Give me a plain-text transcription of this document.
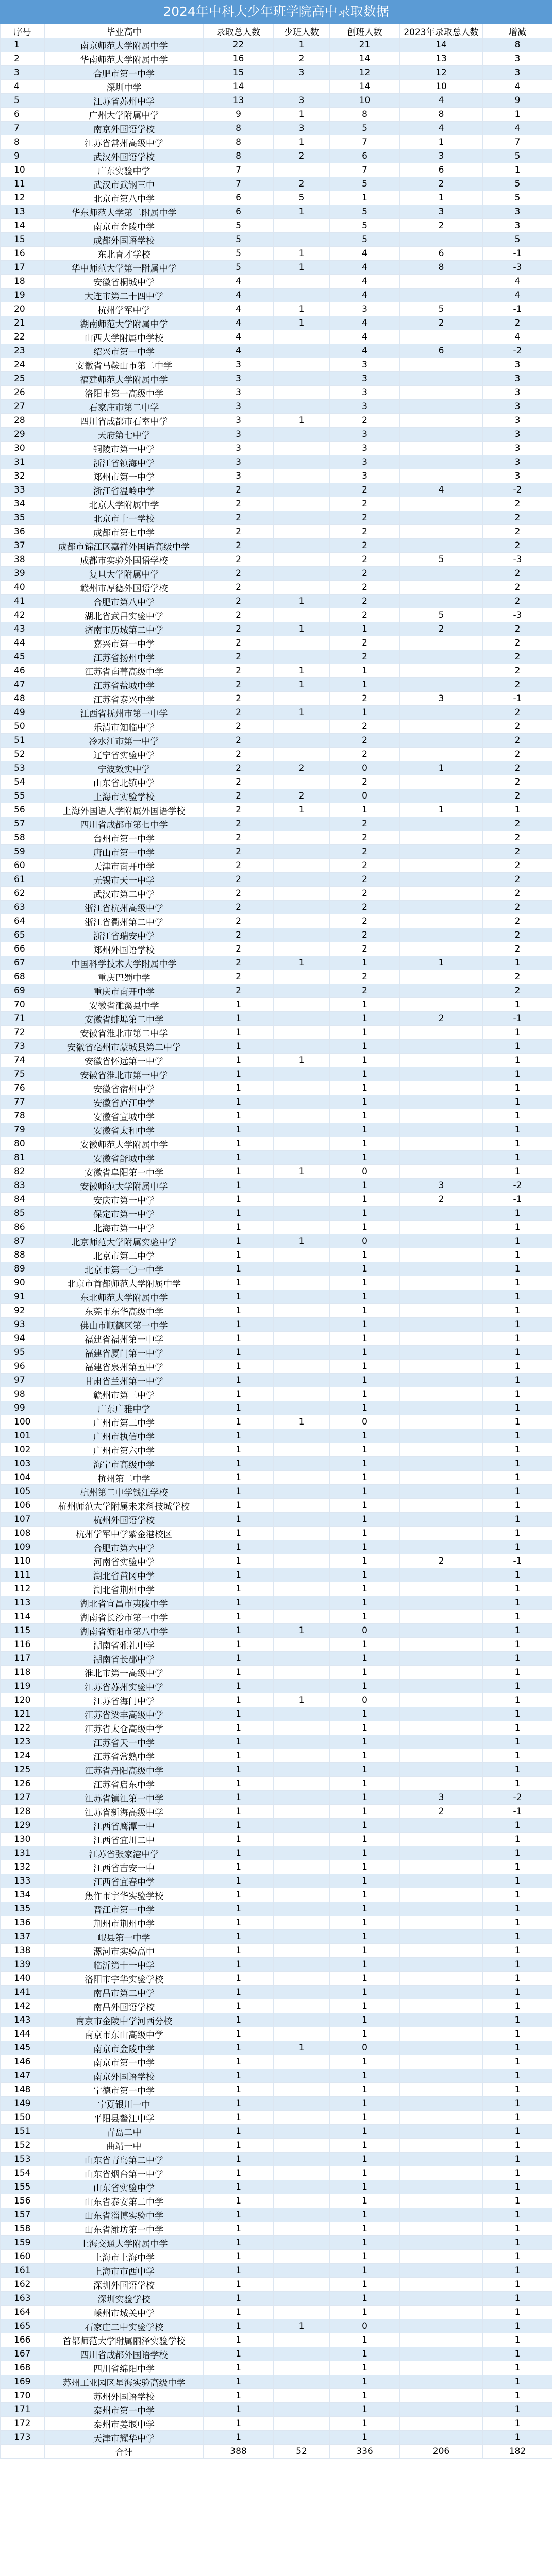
2024年中科大少年班学院高中录取数据
序号	毕业高中	录取总人数	少班人数	创班人数	2023年录取总人数	增减
1	南京师范大学附属中学	22	1	21	14	8
2	华南师范大学附属中学	16	2	14	13	3
3	合肥市第一中学	15	3	12	12	3
4	深圳中学	14		14	10	4
5	江苏省苏州中学	13	3	10	4	9
6	广州大学附属中学	9	1	8	8	1
7	南京外国语学校	8	3	5	4	4
8	江苏省常州高级中学	8	1	7	1	7
9	武汉外国语学校	8	2	6	3	5
10	广东实验中学	7		7	6	1
11	武汉市武钢三中	7	2	5	2	5
12	北京市第八中学	6	5	1	1	5
13	华东师范大学第二附属中学	6	1	5	3	3
14	南京市金陵中学	5		5	2	3
15	成都外国语学校	5		5		5
16	东北育才学校	5	1	4	6	-1
17	华中师范大学第一附属中学	5	1	4	8	-3
18	安徽省桐城中学	4		4		4
19	大连市第二十四中学	4		4		4
20	杭州学军中学	4	1	3	5	-1
21	湖南师范大学附属中学	4	1	4	2	2
22	山西大学附属中学校	4		4		4
23	绍兴市第一中学	4		4	6	-2
24	安徽省马鞍山市第二中学	3		3		3
25	福建师范大学附属中学	3		3		3
26	洛阳市第一高级中学	3		3		3
27	石家庄市第二中学	3		3		3
28	四川省成都市石室中学	3	1	2		3
29	天府第七中学	3		3		3
30	铜陵市第一中学	3		3		3
31	浙江省镇海中学	3		3		3
32	郑州市第一中学	3		3		3
33	浙江省温岭中学	2		2	4	-2
34	北京大学附属中学	2		2		2
35	北京市十一学校	2		2		2
36	成都市第七中学	2		2		2
37	成都市锦江区嘉祥外国语高级中学	2		2		2
38	成都市实验外国语学校	2		2	5	-3
39	复旦大学附属中学	2		2		2
40	赣州市厚德外国语学校	2		2		2
41	合肥市第八中学	2	1	2		2
42	湖北省武昌实验中学	2		2	5	-3
43	济南市历城第二中学	2	1	1	2	2
44	嘉兴市第一中学	2		2		2
45	江苏省扬州中学	2		2		2
46	江苏省南菁高级中学	2	1	1		2
47	江苏省盐城中学	2	1	1		2
48	江苏省泰兴中学	2		2	3	-1
49	江西省抚州市第一中学	2	1	1		2
50	乐清市知临中学	2		2		2
51	冷水江市第一中学	2		2		2
52	辽宁省实验中学	2		2		2
53	宁波效实中学	2	2	0	1	2
54	山东省北镇中学	2		2		2
55	上海市实验学校	2	2	0		2
56	上海外国语大学附属外国语学校	2	1	1	1	1
57	四川省成都市第七中学	2		2		2
58	台州市第一中学	2		2		2
59	唐山市第一中学	2		2		2
60	天津市南开中学	2		2		2
61	无锡市天一中学	2		2		2
62	武汉市第二中学	2		2		2
63	浙江省杭州高级中学	2		2		2
64	浙江省衢州第二中学	2		2		2
65	浙江省瑞安中学	2		2		2
66	郑州外国语学校	2		2		2
67	中国科学技术大学附属中学	2	1	1	1	1
68	重庆巴蜀中学	2		2		2
69	重庆市南开中学	2		2		2
70	安徽省濉溪县中学	1		1		1
71	安徽省蚌埠第二中学	1		1	2	-1
72	安徽省淮北市第二中学	1		1		1
73	安徽省亳州市蒙城县第二中学	1		1		1
74	安徽省怀远第一中学	1	1	1		1
75	安徽省淮北市第一中学	1		1		1
76	安徽省宿州中学	1		1		1
77	安徽省庐江中学	1		1		1
78	安徽省宣城中学	1		1		1
79	安徽省太和中学	1		1		1
80	安徽师范大学附属中学	1		1		1
81	安徽省舒城中学	1		1		1
82	安徽省阜阳第一中学	1	1	0		1
83	安徽师范大学附属中学	1		1	3	-2
84	安庆市第一中学	1		1	2	-1
85	保定市第一中学	1		1		1
86	北海市第一中学	1		1		1
87	北京师范大学附属实验中学	1	1	0		1
88	北京市第二中学	1		1		1
89	北京市第一〇一中学	1		1		1
90	北京市首都师范大学附属中学	1		1		1
91	东北师范大学附属中学	1		1		1
92	东莞市东华高级中学	1		1		1
93	佛山市顺德区第一中学	1		1		1
94	福建省福州第一中学	1		1		1
95	福建省厦门第一中学	1		1		1
96	福建省泉州第五中学	1		1		1
97	甘肃省兰州第一中学	1		1		1
98	赣州市第三中学	1		1		1
99	广东广雅中学	1		1		1
100	广州市第二中学	1	1	0		1
101	广州市执信中学	1		1		1
102	广州市第六中学	1		1		1
103	海宁市高级中学	1		1		1
104	杭州第二中学	1		1		1
105	杭州第二中学钱江学校	1		1		1
106	杭州师范大学附属未来科技城学校	1		1		1
107	杭州外国语学校	1		1		1
108	杭州学军中学紫金港校区	1		1		1
109	合肥市第六中学	1		1		1
110	河南省实验中学	1		1	2	-1
111	湖北省黄冈中学	1		1		1
112	湖北省荆州中学	1		1		1
113	湖北省宜昌市夷陵中学	1		1		1
114	湖南省长沙市第一中学	1		1		1
115	湖南省衡阳市第八中学	1	1	0		1
116	湖南省雅礼中学	1		1		1
117	湖南省长郡中学	1		1		1
118	淮北市第一高级中学	1		1		1
119	江苏省苏州实验中学	1		1		1
120	江苏省海门中学	1	1	0		1
121	江苏省梁丰高级中学	1		1		1
122	江苏省太仓高级中学	1		1		1
123	江苏省天一中学	1		1		1
124	江苏省常熟中学	1		1		1
125	江苏省丹阳高级中学	1		1		1
126	江苏省启东中学	1		1		1
127	江苏省镇江第一中学	1		1	3	-2
128	江苏省新海高级中学	1		1	2	-1
129	江西省鹰潭一中	1		1		1
130	江西省宜川二中	1		1		1
131	江苏省张家港中学	1		1		1
132	江西省吉安一中	1		1		1
133	江西省宜春中学	1		1		1
134	焦作市宇华实验学校	1		1		1
135	晋江市第一中学	1		1		1
136	荆州市荆州中学	1		1		1
137	岷县第一中学	1		1		1
138	漯河市实验高中	1		1		1
139	临沂第十一中学	1		1		1
140	洛阳市宇华实验学校	1		1		1
141	南昌市第二中学	1		1		1
142	南昌外国语学校	1		1		1
143	南京市金陵中学河西分校	1		1		1
144	南京市东山高级中学	1		1		1
145	南京市金陵中学	1	1	0		1
146	南京市第一中学	1		1		1
147	南京外国语学校	1		1		1
148	宁德市第一中学	1		1		1
149	宁夏银川一中	1		1		1
150	平阳县鳌江中学	1		1		1
151	青岛二中	1		1		1
152	曲靖一中	1		1		1
153	山东省青岛第二中学	1		1		1
154	山东省烟台第一中学	1		1		1
155	山东省实验中学	1		1		1
156	山东省泰安第二中学	1		1		1
157	山东省淄博实验中学	1		1		1
158	山东省潍坊第一中学	1		1		1
159	上海交通大学附属中学	1		1		1
160	上海市上海中学	1		1		1
161	上海市市西中学	1		1		1
162	深圳外国语学校	1		1		1
163	深圳实验学校	1		1		1
164	嵊州市城关中学	1		1		1
165	石家庄二中实验学校	1	1	0		1
166	首都师范大学附属丽泽实验学校	1		1		1
167	四川省成都外国语学校	1		1		1
168	四川省绵阳中学	1		1		1
169	苏州工业园区星海实验高级中学	1		1		1
170	苏州外国语学校	1		1		1
171	泰州市第一中学	1		1		1
172	泰州市姜堰中学	1		1		1
173	天津市耀华中学	1		1		1
	合计	388	52	336	206	182
